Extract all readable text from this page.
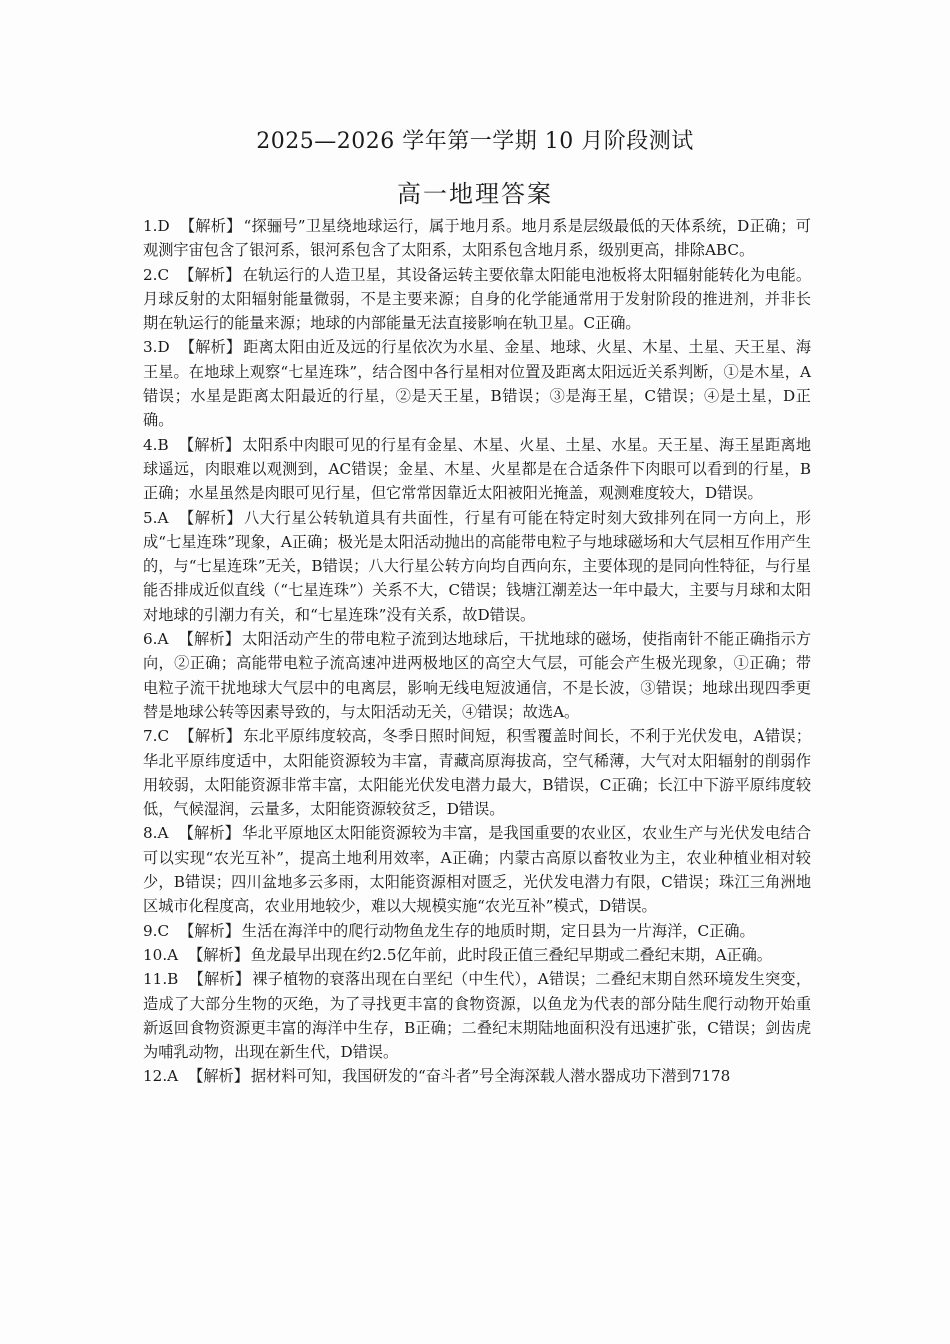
2025—2026 学年第一学期 10 月阶段测试
高一地理答案

1.D 【解析】 “探骊号”卫星绕地球运行，属于地月系。地月系是层级最低的天体系统，D正确；可观测宇宙包含了银河系，银河系包含了太阳系，太阳系包含地月系，级别更高，排除ABC。

2.C 【解析】 在轨运行的人造卫星，其设备运转主要依靠太阳能电池板将太阳辐射能转化为电能。月球反射的太阳辐射能量微弱，不是主要来源；自身的化学能通常用于发射阶段的推进剂，并非长期在轨运行的能量来源；地球的内部能量无法直接影响在轨卫星。C正确。

3.D 【解析】 距离太阳由近及远的行星依次为水星、金星、地球、火星、木星、土星、天王星、海王星。在地球上观察“七星连珠”，结合图中各行星相对位置及距离太阳远近关系判断，①是木星，A错误；水星是距离太阳最近的行星，②是天王星，B错误；③是海王星，C错误；④是土星，D正确。

4.B 【解析】 太阳系中肉眼可见的行星有金星、木星、火星、土星、水星。天王星、海王星距离地球遥远，肉眼难以观测到，AC错误；金星、木星、火星都是在合适条件下肉眼可以看到的行星，B正确；水星虽然是肉眼可见行星，但它常常因靠近太阳被阳光掩盖，观测难度较大，D错误。

5.A 【解析】 八大行星公转轨道具有共面性，行星有可能在特定时刻大致排列在同一方向上，形成“七星连珠”现象，A正确；极光是太阳活动抛出的高能带电粒子与地球磁场和大气层相互作用产生的，与“七星连珠”无关，B错误；八大行星公转方向均自西向东，主要体现的是同向性特征，与行星能否排成近似直线（“七星连珠”）关系不大，C错误；钱塘江潮差达一年中最大，主要与月球和太阳对地球的引潮力有关，和“七星连珠”没有关系，故D错误。

6.A 【解析】 太阳活动产生的带电粒子流到达地球后，干扰地球的磁场，使指南针不能正确指示方向，②正确；高能带电粒子流高速冲进两极地区的高空大气层，可能会产生极光现象，①正确；带电粒子流干扰地球大气层中的电离层，影响无线电短波通信，不是长波，③错误；地球出现四季更替是地球公转等因素导致的，与太阳活动无关，④错误；故选A。

7.C 【解析】 东北平原纬度较高，冬季日照时间短，积雪覆盖时间长，不利于光伏发电，A错误；华北平原纬度适中，太阳能资源较为丰富，青藏高原海拔高，空气稀薄，大气对太阳辐射的削弱作用较弱，太阳能资源非常丰富，太阳能光伏发电潜力最大，B错误，C正确；长江中下游平原纬度较低，气候湿润，云量多，太阳能资源较贫乏，D错误。

8.A 【解析】 华北平原地区太阳能资源较为丰富，是我国重要的农业区，农业生产与光伏发电结合可以实现“农光互补”，提高土地利用效率，A正确；内蒙古高原以畜牧业为主，农业种植业相对较少，B错误；四川盆地多云多雨，太阳能资源相对匮乏，光伏发电潜力有限，C错误；珠江三角洲地区城市化程度高，农业用地较少，难以大规模实施“农光互补”模式，D错误。

9.C 【解析】 生活在海洋中的爬行动物鱼龙生存的地质时期，定日县为一片海洋，C正确。

10.A 【解析】 鱼龙最早出现在约2.5亿年前，此时段正值三叠纪早期或二叠纪末期，A正确。

11.B 【解析】 裸子植物的衰落出现在白垩纪（中生代），A错误；二叠纪末期自然环境发生突变，造成了大部分生物的灭绝，为了寻找更丰富的食物资源，以鱼龙为代表的部分陆生爬行动物开始重新返回食物资源更丰富的海洋中生存，B正确；二叠纪末期陆地面积没有迅速扩张，C错误；剑齿虎为哺乳动物，出现在新生代，D错误。

12.A 【解析】 据材料可知，我国研发的“奋斗者”号全海深载人潜水器成功下潜到7178
